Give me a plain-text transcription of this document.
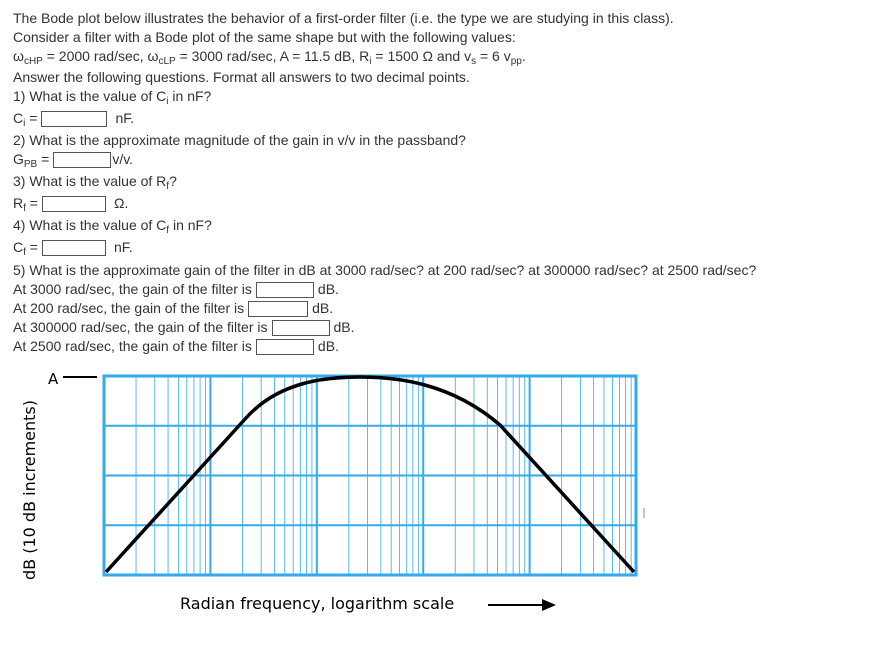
The Bode plot below illustrates the behavior of a first-order filter (i.e. the type we are studying in this class).
Consider a filter with a Bode plot of the same shape but with the following values:
$\omega_{cHP} = 2000$ rad/sec, $\omega_{cLP} = 3000$ rad/sec, A = 11.5 dB, $R_i = 1500$ Ω and $v_s = 6$ $v_{pp}$.
Answer the following questions. Format all answers to two decimal points.
1) What is the value of $C_i$ in nF?
$C_i$ =	nF.
2) What is the approximate magnitude of the gain in v/v in the passband?
$G_{PB}$ =	v/v.
3) What is the value of $R_f$?
$R_f$ =	Ω.
4) What is the value of $C_f$ in nF?
$C_f$ =	nF.
5) What is the approximate gain of the filter in dB at 3000 rad/sec? at 200 rad/sec? at 300000 rad/sec? at 2500 rad/sec?
At 3000 rad/sec, the gain of the filter is	dB.
At 200 rad/sec, the gain of the filter is	dB.
At 300000 rad/sec, the gain of the filter is	dB.
At 2500 rad/sec, the gain of the filter is	dB.
A
dB (10 dB increments)
Radian frequency, logarithm scale
